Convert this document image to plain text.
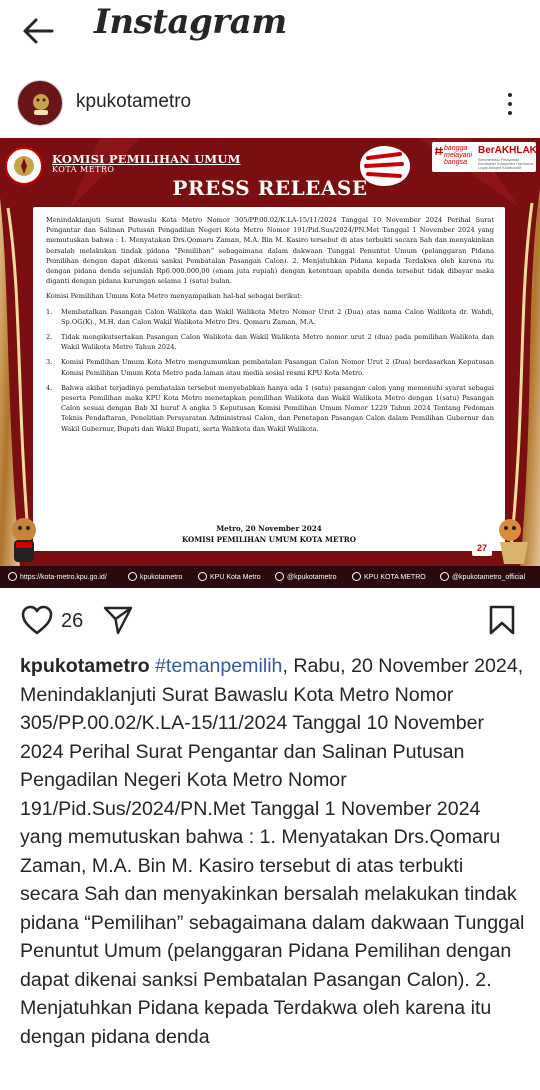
Instagram
kpukotametro
KOMISI PEMILIHAN UMUM
KOTA METRO
PRESS RELEASE
bangga melayani bangsa
BerAKHLAK
Berorientasi Pelayanan Akuntabel Kompeten Harmonis Loyal Adaptif Kolaboratif

Menindaklanjuti Surat Bawaslu Kota Metro Nomor 305/PP.00.02/K.LA-15/11/2024 Tanggal 10 November 2024 Perihal Surat Pengantar dan Salinan Putusan Pengadilan Negeri Kota Metro Nomor 191/Pid.Sus/2024/PN.Met Tanggal 1 November 2024 yang memutuskan bahwa : 1. Menyatakan Drs.Qomaru Zaman, M.A. Bin M. Kasiro tersebut di atas terbukti secara Sah dan menyakinkan bersalah melakukan tindak pidana “Pemilihan” sebagaimana dalam dakwaan Tunggal Penuntut Umum (pelanggaran Pidana Pemilihan dengan dapat dikenai sanksi Pembatalan Pasangan Calon). 2. Menjatuhkan Pidana kepada Terdakwa oleh karena itu dengan pidana denda sejumlah Rp6.000.000,00 (enam juta rupiah) dengan ketentuan apabila denda tersebut tidak dibayar maka diganti dengan pidana kurungan selama 1 (satu) bulan.

Komisi Pemilihan Umum Kota Metro menyampaikan hal-hal sebagai berikut:

1. Membatalkan Pasangan Calon Walikota dan Wakil Walikota Metro Nomor Urut 2 (Dua) atas nama Calon Walikota dr. Wahdi, Sp.OG(K)., M.H. dan Calon Wakil Walikota Metro Drs. Qomaru Zaman, M.A.
2. Tidak mengikutsertakan Pasangan Calon Walikota dan Wakil Walikota Metro nomor urut 2 (dua) pada pemilihan Walikota dan Wakil Walikota Metro Tahun 2024.
3. Komisi Pemilihan Umum Kota Metro mengumumkan pembatalan Pasangan Calon Nomor Urut 2 (Dua) berdasarkan Keputusan Komisi Pemilihan Umum Kota Metro pada laman atau media sosial resmi KPU Kota Metro.
4. Bahwa akibat terjadinya pembatalan tersebut menyebabkan hanya ada 1 (satu) pasangan calon yang memenuhi syarat sebagai peserta Pemilihan maka KPU Kota Metro menetapkan pemilihan Walikota dan Wakil Walikota Metro dengan 1(satu) Pasangan Calon sesuai dengan Bab XI huruf A angka 5 Keputusan Komisi Pemilihan Umum Nomor 1229 Tahun 2024 Tentang Pedoman Teknis Pendaftaran, Penelitian Persyaratan Administrasi Calon, dan Penetapan Pasangan Calon dalam Pemilihan Gubernur dan Wakil Gubernur, Bupati dan Wakil Bupati, serta Walikota dan Wakil Walikota.
Metro, 20 November 2024
KOMISI PEMILIHAN UMUM KOTA METRO
27
https://kota-metro.kpu.go.id/	kpukotametro	KPU Kota Metro	@kpukotametro	KPU KOTA METRO	@kpukotametro_official
26
kpukotametro #temanpemilih, Rabu, 20 November 2024, Menindaklanjuti Surat Bawaslu Kota Metro Nomor 305/PP.00.02/K.LA-15/11/2024 Tanggal 10 November 2024 Perihal Surat Pengantar dan Salinan Putusan Pengadilan Negeri Kota Metro Nomor 191/Pid.Sus/2024/PN.Met Tanggal 1 November 2024 yang memutuskan bahwa : 1. Menyatakan Drs.Qomaru Zaman, M.A. Bin M. Kasiro tersebut di atas terbukti secara Sah dan menyakinkan bersalah melakukan tindak pidana “Pemilihan” sebagaimana dalam dakwaan Tunggal Penuntut Umum (pelanggaran Pidana Pemilihan dengan dapat dikenai sanksi Pembatalan Pasangan Calon). 2. Menjatuhkan Pidana kepada Terdakwa oleh karena itu dengan pidana denda
